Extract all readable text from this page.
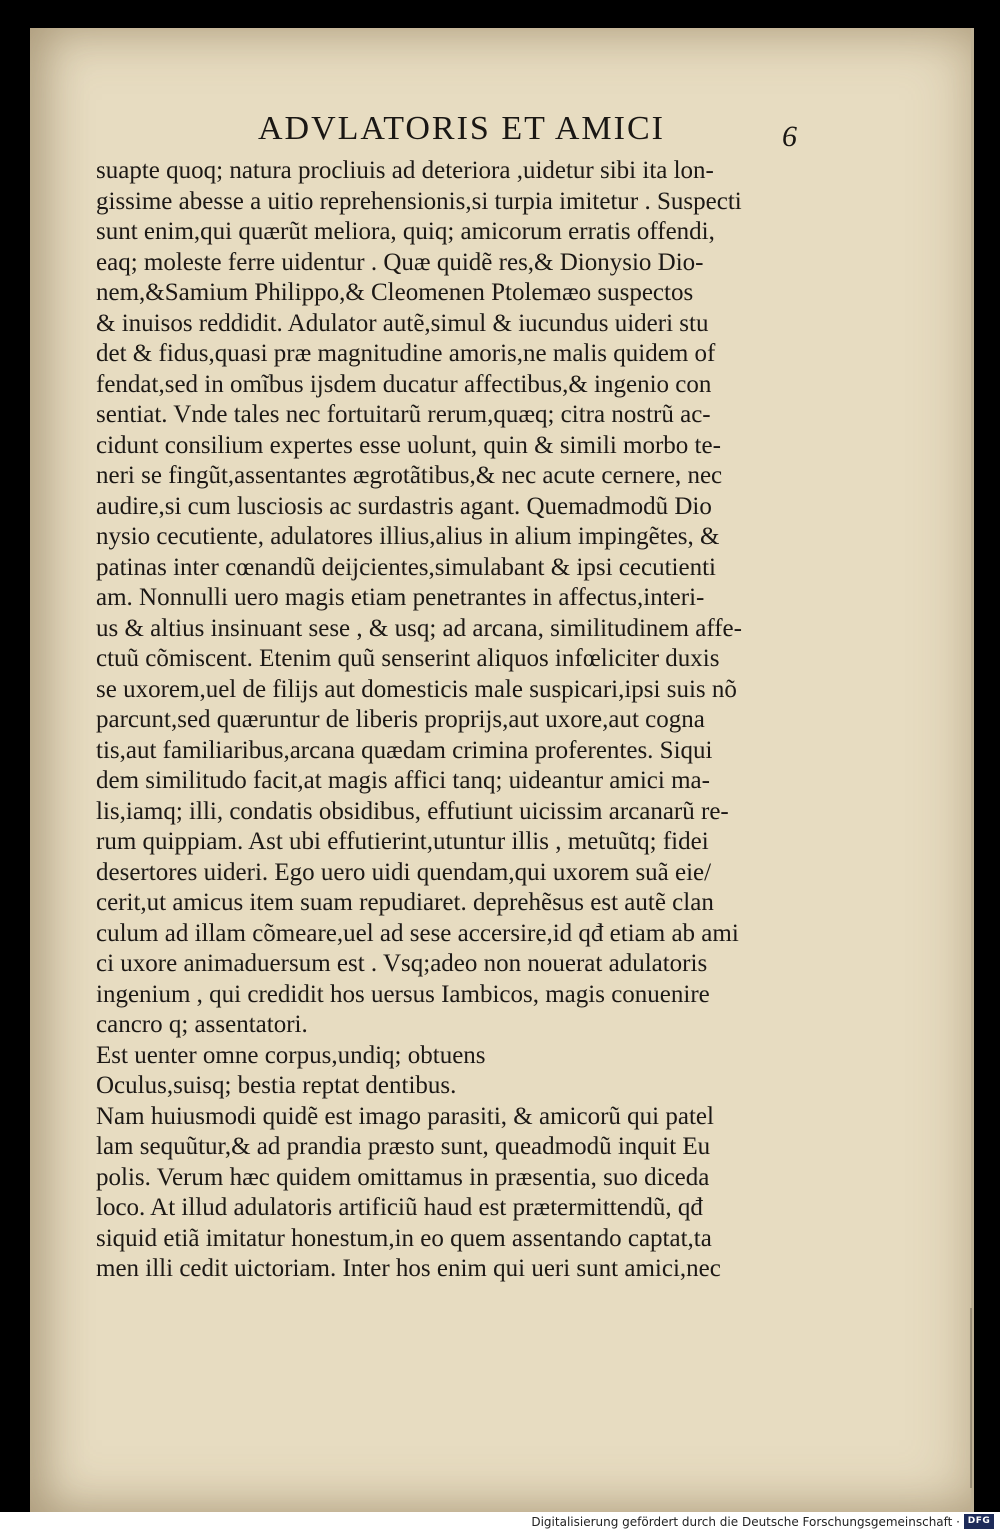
ADVLATORIS ET AMICI	6
suapte quoq; natura procliuis ad deteriora ,uidetur sibi ita lon-
gissime abesse a uitio reprehensionis,si turpia imitetur . Suspecti
sunt enim,qui quærũt meliora, quiq; amicorum erratis offendi,
eaq; moleste ferre uidentur . Quæ quidẽ res,& Dionysio Dio-
nem,&Samium Philippo,& Cleomenen Ptolemæo suspectos
& inuisos reddidit. Adulator autẽ,simul & iucundus uideri stu
det & fidus,quasi præ magnitudine amoris,ne malis quidem of
fendat,sed in omĩbus ijsdem ducatur affectibus,& ingenio con
sentiat. Vnde tales nec fortuitarũ rerum,quæq; citra nostrũ ac-
cidunt consilium expertes esse uolunt, quin & simili morbo te-
neri se fingũt,assentantes ægrotãtibus,& nec acute cernere, nec
audire,si cum lusciosis ac surdastris agant. Quemadmodũ Dio
nysio cecutiente, adulatores illius,alius in alium impingẽtes, &
patinas inter cœnandũ deijcientes,simulabant & ipsi cecutienti
am. Nonnulli uero magis etiam penetrantes in affectus,interi-
us & altius insinuant sese , & usq; ad arcana, similitudinem affe-
ctuũ cõmiscent. Etenim quũ senserint aliquos infœliciter duxis
se uxorem,uel de filijs aut domesticis male suspicari,ipsi suis nõ
parcunt,sed quæruntur de liberis proprijs,aut uxore,aut cogna
tis,aut familiaribus,arcana quædam crimina proferentes. Siqui
dem similitudo facit,at magis affici tanq; uideantur amici ma-
lis,iamq; illi, condatis obsidibus, effutiunt uicissim arcanarũ re-
rum quippiam. Ast ubi effutierint,utuntur illis , metuũtq; fidei
desertores uideri. Ego uero uidi quendam,qui uxorem suã eie/
cerit,ut amicus item suam repudiaret. deprehẽsus est autẽ clan
culum ad illam cõmeare,uel ad sese accersire,id qđ etiam ab ami
ci uxore animaduersum est . Vsq;adeo non nouerat adulatoris
ingenium , qui credidit hos uersus Iambicos, magis conuenire
cancro q; assentatori.
Est uenter omne corpus,undiq; obtuens
Oculus,suisq; bestia reptat dentibus.
Nam huiusmodi quidẽ est imago parasiti, & amicorũ qui patel
lam sequũtur,& ad prandia præsto sunt, queadmodũ inquit Eu
polis. Verum hæc quidem omittamus in præsentia, suo diceda
loco. At illud adulatoris artificiũ haud est prætermittendũ, qđ
siquid etiã imitatur honestum,in eo quem assentando captat,ta
men illi cedit uictoriam. Inter hos enim qui ueri sunt amici,nec
Digitalisierung gefördert durch die Deutsche Forschungsgemeinschaft · DFG
